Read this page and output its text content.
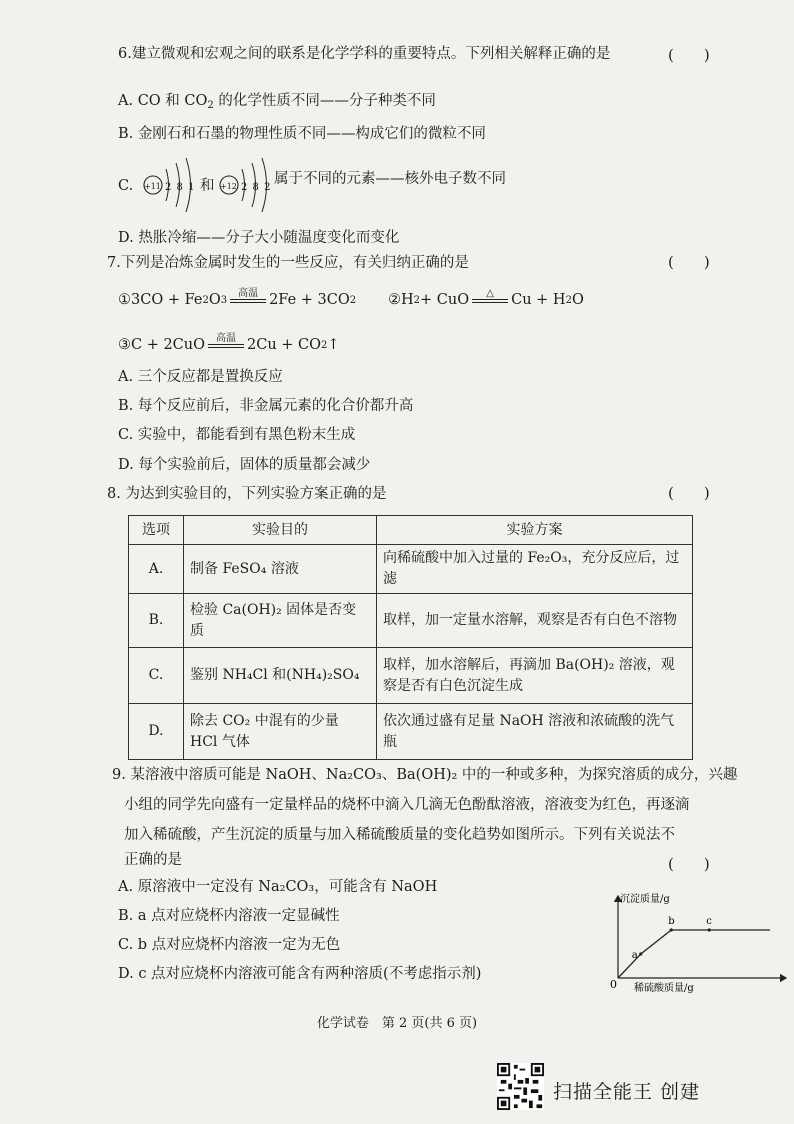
6.建立微观和宏观之间的联系是化学学科的重要特点。下列相关解释正确的是	(　　)
A. CO 和 $CO_2$ 的化学性质不同——分子种类不同
B. 金刚石和石墨的物理性质不同——构成它们的微粒不同
C. +11 2 8 1 和 +12 2 8 2
属于不同的元素——核外电子数不同
D. 热胀冷缩——分子大小随温度变化而变化
7.下列是冶炼金属时发生的一些反应，有关归纳正确的是	(　　)
①3CO + Fe 2 O 3
高温 2Fe + 3CO 2 ②H 2 + CuO △ Cu + H 2 O
③C + 2CuO 高温 2Cu + CO 2 ↑
A. 三个反应都是置换反应
B. 每个反应前后，非金属元素的化合价都升高
C. 实验中，都能看到有黑色粉末生成
D. 每个实验前后，固体的质量都会减少
8. 为达到实验目的，下列实验方案正确的是	(　　)
选项	实验目的	实验方案
A.	制备 FeSO₄ 溶液	向稀硫酸中加入过量的 Fe₂O₃，充分反应后，过滤
B.	检验 Ca(OH)₂ 固体是否变质	取样，加一定量水溶解，观察是否有白色不溶物
C.	鉴别 NH₄Cl 和(NH₄)₂SO₄	取样，加水溶解后，再滴加 Ba(OH)₂ 溶液，观察是否有白色沉淀生成
D.	除去 CO₂ 中混有的少量 HCl 气体	依次通过盛有足量 NaOH 溶液和浓硫酸的洗气瓶
9. 某溶液中溶质可能是 NaOH、Na₂CO₃、Ba(OH)₂ 中的一种或多种，为探究溶质的成分，兴趣
小组的同学先向盛有一定量样品的烧杯中滴入几滴无色酚酞溶液，溶液变为红色，再逐滴
加入稀硫酸，产生沉淀的质量与加入稀硫酸质量的变化趋势如图所示。下列有关说法不
正确的是	(　　)
A. 原溶液中一定没有 Na₂CO₃，可能含有 NaOH
B. a 点对应烧杯内溶液一定显碱性
C. b 点对应烧杯内溶液一定为无色
D. c 点对应烧杯内溶液可能含有两种溶质(不考虑指示剂)
沉淀质量/g
稀硫酸质量/g
0
a
b	c
化学试卷　第 2 页(共 6 页)
扫描全能王 创建
